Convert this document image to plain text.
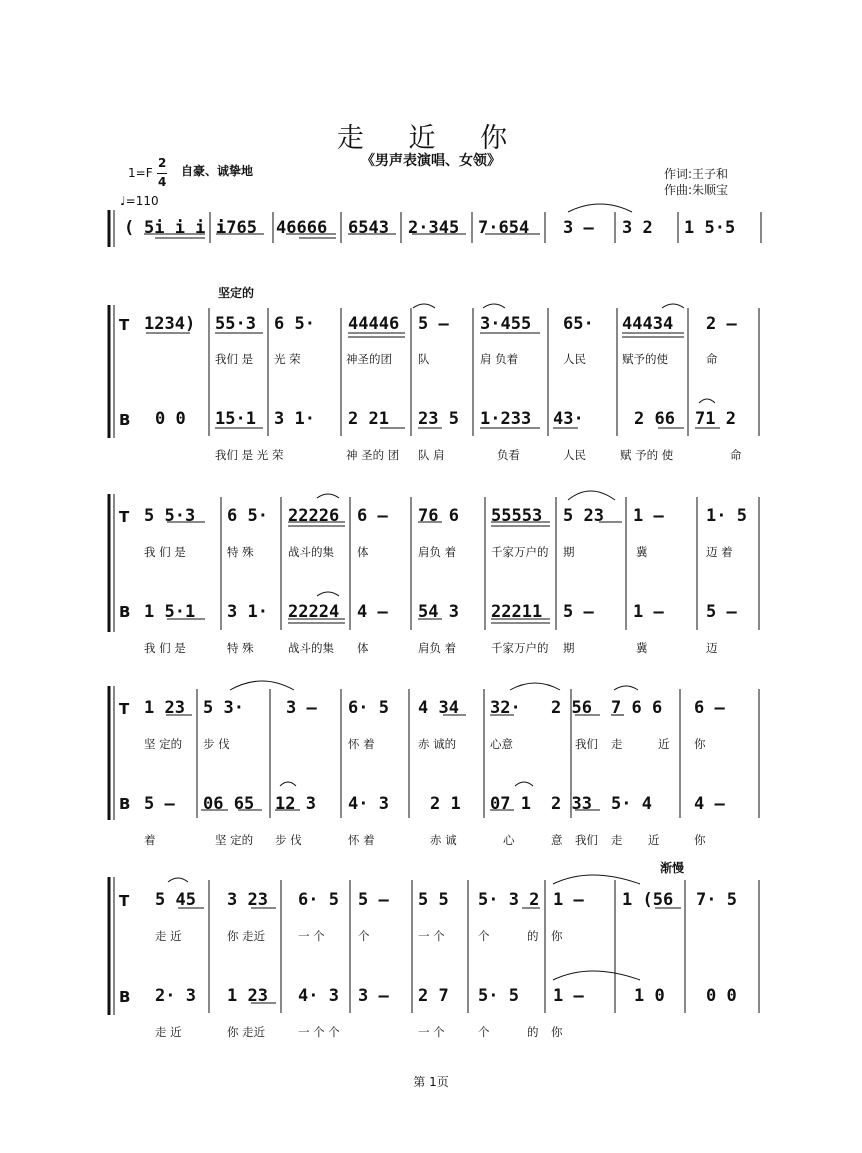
走 近 你
《男声表演唱、女领》
1=F
2
4
自豪、诚挚地
♩=110
作词:王子和
作曲:朱顺宝
( 5i i i i
i765 46666 6543 2·345 7·654 3 – 3 2 1 5·5
坚定的
T 1234) 55·3 6 5· 44446 5 – 3·455 65· 44434 2 –
我们 是 光 荣	神圣的团 队	肩 负着	人民	赋予的使	命
B 0 0 15·1 3 1· 2 21 23 5 1·233 43·	2 66 71 2
我们 是 光 荣	神 圣的 团 队 肩	负看	人民	赋 予的 使	命
T 5 5·3 6 5· 22226 6 – 76 6 55553 5 23 1 – 1· 5
我 们 是	特 殊	战斗的集 体	肩负 着	千家万户的 期	冀	迈 着
B 1 5·1 3 1· 22224 4 – 54 3 22211 5 – 1 – 5 –
我 们 是	特 殊	战斗的集 体	肩负 着	千家万户的 期	冀	迈
T 1 23 5 3· 3 – 6· 5 4 34 32· 2 56 7 6 6 6 –
坚 定的 步 伐	怀 着	赤 诚的	心意	我们 走	近 你
B 5 – 06 65 12 3 4· 3 2 1 07 1 2 33 5· 4 4 –
着	坚 定的 步 伐	怀 着	赤 诚	心	意 我们 走 近	你
渐慢
T 5 45 3 23 6· 5 5 – 5 5 5· 3 2 1 – 1 (56 7· 5
走 近	你 走近	一 个	个	一 个	个	的 你
B 2· 3 1 23 4· 3 3 – 2 7 5· 5 1 –	1 0 0 0
走 近	你 走近	一 个 个	一 个	个	的 你
第 1页
